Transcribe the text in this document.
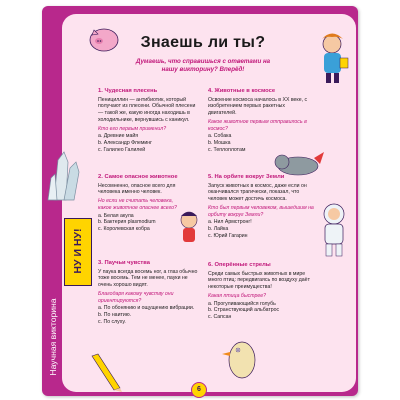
НУ И НУ!
Научная викторина
Знаешь ли ты?
Думаешь, что справишься с ответами на нашу викторину? Вперёд!
1. Чудесная плесень

Пенициллин — антибиотик, который получают из плесени. Обычной плесени — такой же, какую иногда находишь в холодильнике, вернувшись с каникул.

Кто его первым применил?

a. Древние майя

b. Александр Флеминг

c. Галилео Галилей

2. Самое опасное животное

Несомненно, опасное всего для человека именно человек.

Но если не считать человека, какое животное опаснее всего?

a. Белая акула

b. Бактерия plasmodium

c. Королевская кобра

3. Паучьи чувства

У паука всегда восемь ног, а глаз обычно тоже восемь. Тем не менее, пауки не очень хорошо видят.

Благодаря какому чувству они ориентируются?

a. По обонянию и ощущению вибрации.

b. По наитию.

c. По слуху.

4. Животные в космосе

Освоение космоса началось в XX веке, с изобретением первых ракетных двигателей.

Какое животное первым отправилось в космос?

a. Собака

b. Мошка

c. Теплоплотам

5. На орбите вокруг Земли

Запуск животных в космос, даже если он оканчивался трагически, показал, что человек может достичь космоса.

Кто был первым человеком, вышедшим на орбиту вокруг Земли?

a. Нил Армстронг!

b. Лайка

c. Юрий Гагарин

6. Оперённые стрелы

Среди самых быстрых животных в мире много птиц: передвигаясь по воздуху даёт некоторые преимущества!

Какая птица быстрее?

a. Прогуливающийся голубь

b. Странствующий альбатрос

c. Сапсан

6
